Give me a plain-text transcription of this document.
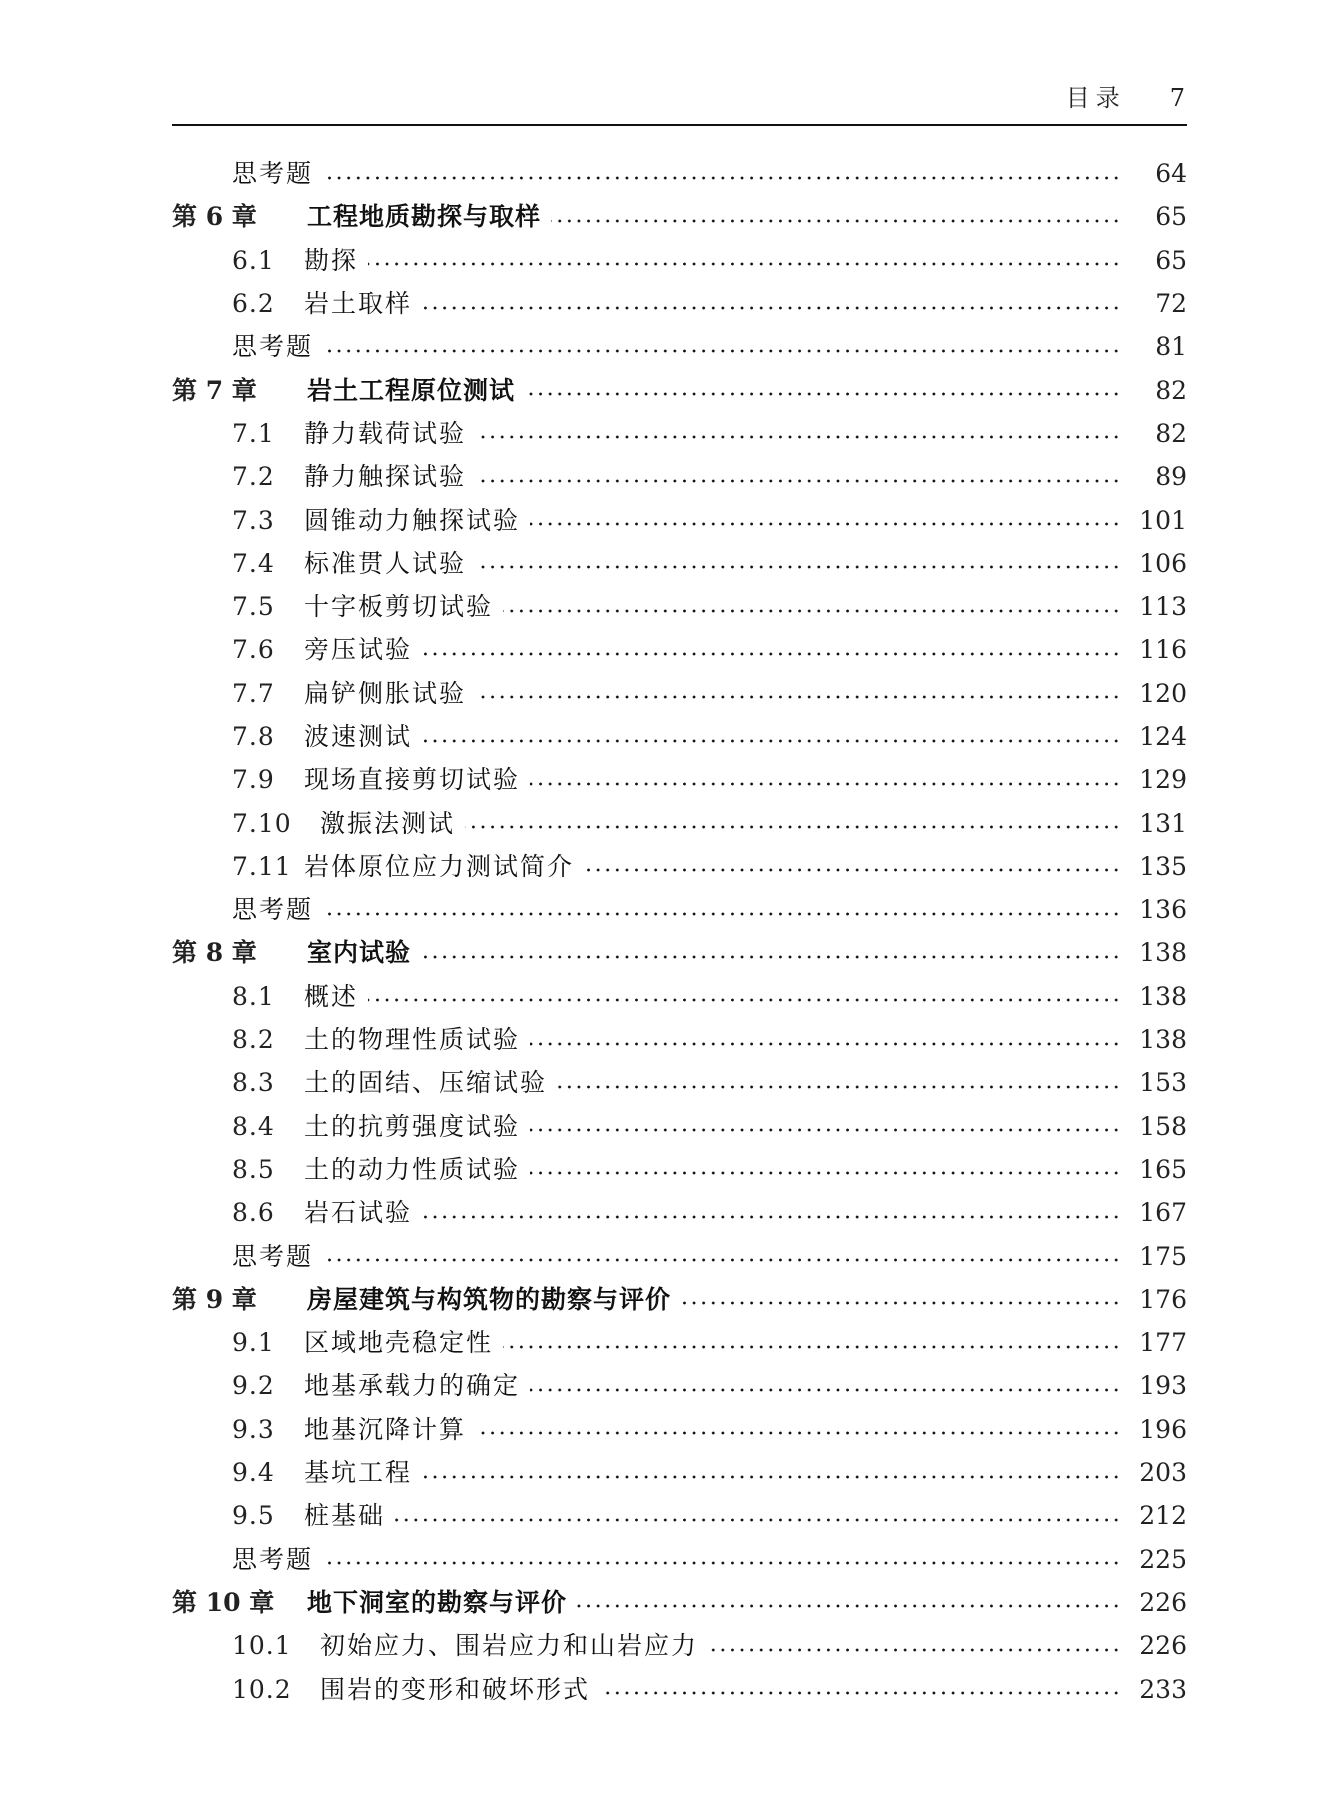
目录 7
思考题	64
第 6 章	工程地质勘探与取样	65
6.1	勘探	65
6.2	岩土取样	72
思考题	81
第 7 章	岩土工程原位测试	82
7.1	静力载荷试验	82
7.2	静力触探试验	89
7.3	圆锥动力触探试验	101
7.4	标准贯人试验	106
7.5	十字板剪切试验	113
7.6	旁压试验	116
7.7	扁铲侧胀试验	120
7.8	波速测试	124
7.9	现场直接剪切试验	129
7.10	激振法测试	131
7.11 岩体原位应力测试简介	135
思考题	136
第 8 章	室内试验	138
8.1	概述	138
8.2	土的物理性质试验	138
8.3	土的固结、压缩试验	153
8.4	土的抗剪强度试验	158
8.5	土的动力性质试验	165
8.6	岩石试验	167
思考题	175
第 9 章	房屋建筑与构筑物的勘察与评价	176
9.1	区域地壳稳定性	177
9.2	地基承载力的确定	193
9.3	地基沉降计算	196
9.4	基坑工程	203
9.5	桩基础	212
思考题	225
第 10 章	地下洞室的勘察与评价	226
10.1	初始应力、围岩应力和山岩应力	226
10.2	围岩的变形和破坏形式	233
